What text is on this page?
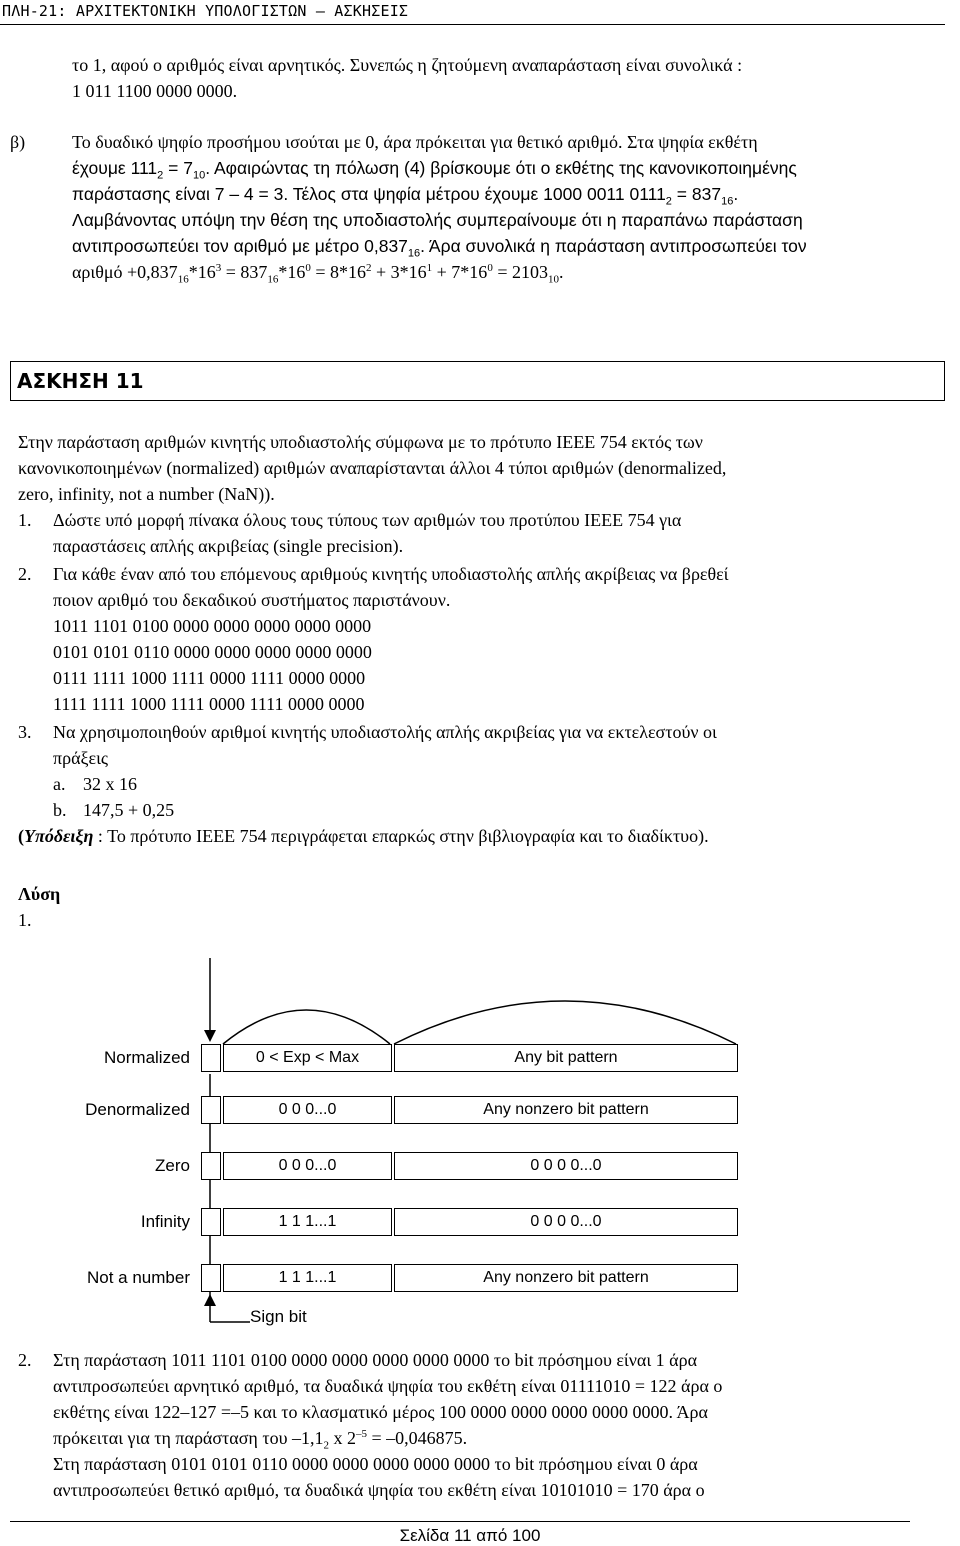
ΠΛΗ-21: ΑΡΧΙΤΕΚΤΟΝΙΚΗ ΥΠΟΛΟΓΙΣΤΩΝ – ΑΣΚΗΣΕΙΣ
το 1, αφού ο αριθμός είναι αρνητικός. Συνεπώς η ζητούμενη αναπαράσταση είναι συνολικά :
1 011 1100 0000 0000.
β)	Το δυαδικό ψηφίο προσήμου ισούται με 0, άρα πρόκειται για θετικό αριθμό. Στα ψηφία εκθέτη
έχουμε $111_2 = 7_{10}$. Αφαιρώντας τη πόλωση (4) βρίσκουμε ότι ο εκθέτης της κανονικοποιημένης
παράστασης είναι 7 – 4 = 3. Τέλος στα ψηφία μέτρου έχουμε 1000 0011 $0111_2 = 837_{16}$.
Λαμβάνοντας υπόψη την θέση της υποδιαστολής συμπεραίνουμε ότι η παραπάνω παράσταση
αντιπροσωπεύει τον αριθμό με μέτρο $0,837_{16}$. Άρα συνολικά η παράσταση αντιπροσωπεύει τον
$\alpha\rho\iota\theta\mu ό +0,837_{16}*16^3 = 837_{16}*16^0 = 8*16^2 + 3*16^1 + 7*16^0 = 2103_{10}$.
ΑΣΚΗΣΗ 11
Στην παράσταση αριθμών κινητής υποδιαστολής σύμφωνα με το πρότυπο IEEE 754 εκτός των
κανονικοποιημένων (normalized) αριθμών αναπαρίστανται άλλοι 4 τύποι αριθμών (denormalized,
zero, infinity, not a number (NaN)).
1. Δώστε υπό μορφή πίνακα όλους τους τύπους των αριθμών του προτύπου IEEE 754 για
παραστάσεις απλής ακριβείας (single precision).
2. Για κάθε έναν από του επόμενους αριθμούς κινητής υποδιαστολής απλής ακρίβειας να βρεθεί
ποιον αριθμό του δεκαδικού συστήματος παριστάνουν.
1011 1101 0100 0000 0000 0000 0000 0000
0101 0101 0110 0000 0000 0000 0000 0000
0111 1111 1000 1111 0000 1111 0000 0000
1111 1111 1000 1111 0000 1111 0000 0000
3. Να χρησιμοποιηθούν αριθμοί κινητής υποδιαστολής απλής ακριβείας για να εκτελεστούν οι
πράξεις
a. 32 x 16
b. 147,5 + 0,25
(Υπόδειξη : Το πρότυπο IEEE 754 περιγράφεται επαρκώς στην βιβλιογραφία και το διαδίκτυο).
Λύση
1.
Normalized	0 < Exp < Max	Any bit pattern
Denormalized	0 0 0...0	Any nonzero bit pattern
Zero	0 0 0...0	0 0 0 0...0
Infinity	1 1 1...1	0 0 0 0...0
Not a number	1 1 1...1	Any nonzero bit pattern
Sign bit
2. Στη παράσταση 1011 1101 0100 0000 0000 0000 0000 0000 το bit πρόσημου είναι 1 άρα
αντιπροσωπεύει αρνητικό αριθμό, τα δυαδικά ψηφία του εκθέτη είναι 01111010 = 122 άρα ο
εκθέτης είναι 122–127 =–5 και το κλασματικό μέρος 100 0000 0000 0000 0000 0000. Άρα
πρόκειται για τη παράσταση του $-1,1_2$ x $2^{-5} = -0,046875$.
Στη παράσταση 0101 0101 0110 0000 0000 0000 0000 0000 το bit πρόσημου είναι 0 άρα
αντιπροσωπεύει θετικό αριθμό, τα δυαδικά ψηφία του εκθέτη είναι 10101010 = 170 άρα ο
Σελίδα 11 από 100
